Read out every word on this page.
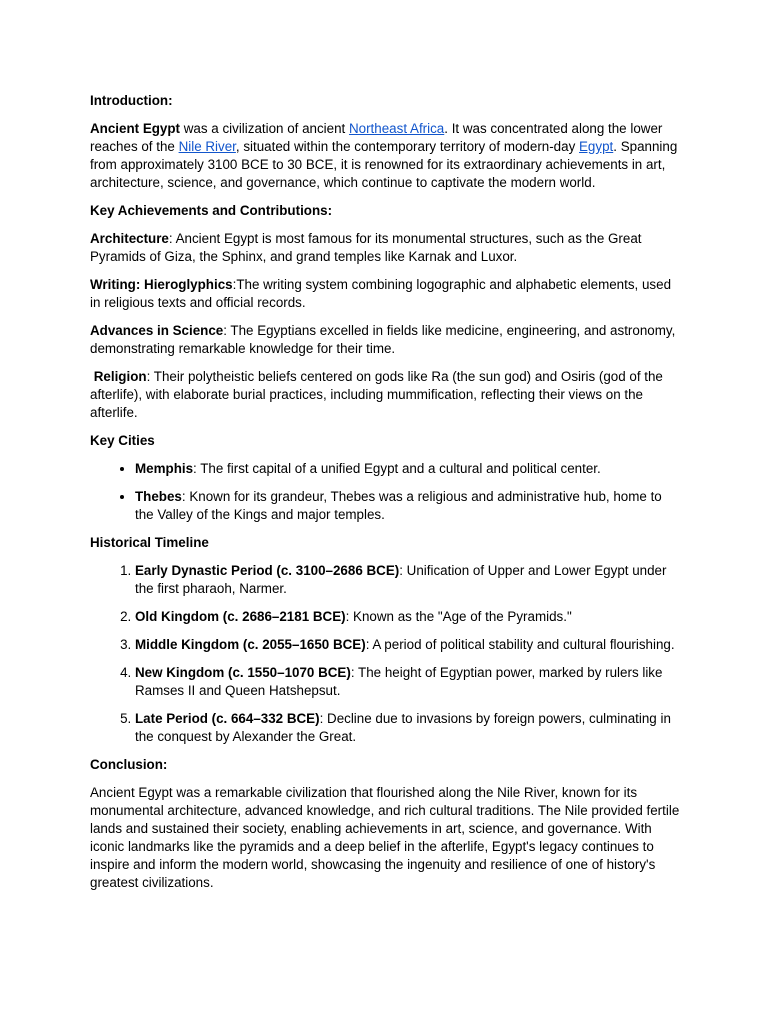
Introduction:

Ancient Egypt was a civilization of ancient Northeast Africa. It was concentrated along the lower reaches of the Nile River, situated within the contemporary territory of modern-day Egypt. Spanning from approximately 3100 BCE to 30 BCE, it is renowned for its extraordinary achievements in art, architecture, science, and governance, which continue to captivate the modern world.

Key Achievements and Contributions:

Architecture: Ancient Egypt is most famous for its monumental structures, such as the Great Pyramids of Giza, the Sphinx, and grand temples like Karnak and Luxor.

Writing: Hieroglyphics:The writing system combining logographic and alphabetic elements, used in religious texts and official records.

Advances in Science: The Egyptians excelled in fields like medicine, engineering, and astronomy, demonstrating remarkable knowledge for their time.

Religion: Their polytheistic beliefs centered on gods like Ra (the sun god) and Osiris (god of the afterlife), with elaborate burial practices, including mummification, reflecting their views on the afterlife.

Key Cities

• Memphis: The first capital of a unified Egypt and a cultural and political center.
• Thebes: Known for its grandeur, Thebes was a religious and administrative hub, home to the Valley of the Kings and major temples.

Historical Timeline

1. Early Dynastic Period (c. 3100–2686 BCE): Unification of Upper and Lower Egypt under the first pharaoh, Narmer.
2. Old Kingdom (c. 2686–2181 BCE): Known as the "Age of the Pyramids."
3. Middle Kingdom (c. 2055–1650 BCE): A period of political stability and cultural flourishing.
4. New Kingdom (c. 1550–1070 BCE): The height of Egyptian power, marked by rulers like Ramses II and Queen Hatshepsut.
5. Late Period (c. 664–332 BCE): Decline due to invasions by foreign powers, culminating in the conquest by Alexander the Great.

Conclusion:

Ancient Egypt was a remarkable civilization that flourished along the Nile River, known for its monumental architecture, advanced knowledge, and rich cultural traditions. The Nile provided fertile lands and sustained their society, enabling achievements in art, science, and governance. With iconic landmarks like the pyramids and a deep belief in the afterlife, Egypt's legacy continues to inspire and inform the modern world, showcasing the ingenuity and resilience of one of history's greatest civilizations.
